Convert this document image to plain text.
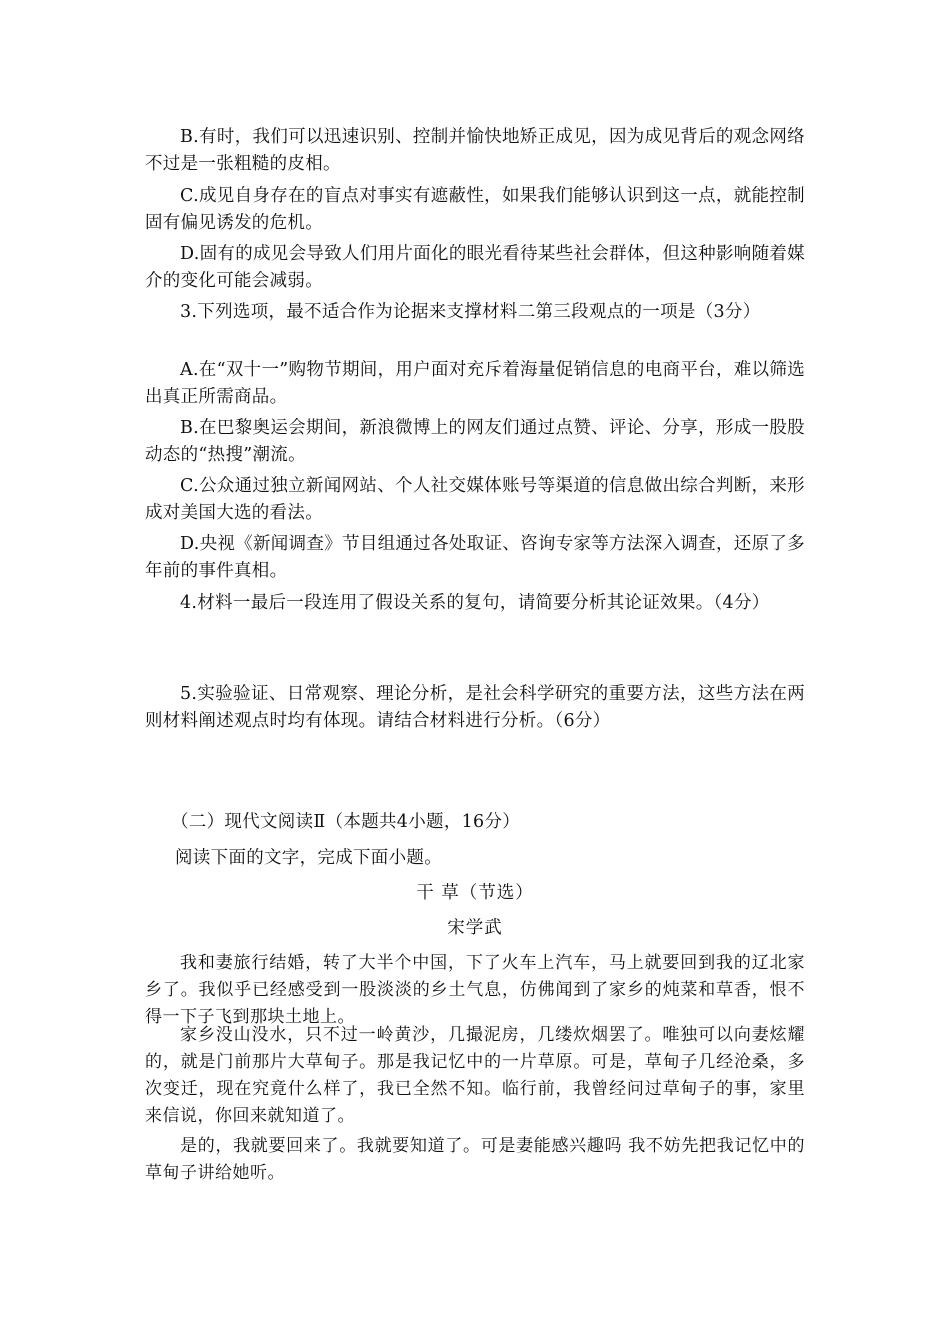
B.有时，我们可以迅速识别、控制并愉快地矫正成见，因为成见背后的观念网络不过是一张粗糙的皮相。

C.成见自身存在的盲点对事实有遮蔽性，如果我们能够认识到这一点，就能控制固有偏见诱发的危机。

D.固有的成见会导致人们用片面化的眼光看待某些社会群体，但这种影响随着媒介的变化可能会减弱。

3.下列选项，最不适合作为论据来支撑材料二第三段观点的一项是（3分）

A.在“双十一”购物节期间，用户面对充斥着海量促销信息的电商平台，难以筛选出真正所需商品。

B.在巴黎奥运会期间，新浪微博上的网友们通过点赞、评论、分享，形成一股股动态的“热搜”潮流。

C.公众通过独立新闻网站、个人社交媒体账号等渠道的信息做出综合判断，来形成对美国大选的看法。

D.央视《新闻调查》节目组通过各处取证、咨询专家等方法深入调查，还原了多年前的事件真相。

4.材料一最后一段连用了假设关系的复句，请简要分析其论证效果。（4分）

5.实验验证、日常观察、理论分析，是社会科学研究的重要方法，这些方法在两则材料阐述观点时均有体现。请结合材料进行分析。（6分）

（二）现代文阅读Ⅱ（本题共4小题，16分）

阅读下面的文字，完成下面小题。

干 草（节选）

宋学武

我和妻旅行结婚，转了大半个中国，下了火车上汽车，马上就要回到我的辽北家乡了。我似乎已经感受到一股淡淡的乡土气息，仿佛闻到了家乡的炖菜和草香，恨不得一下子飞到那块土地上。

家乡没山没水，只不过一岭黄沙，几撮泥房，几缕炊烟罢了。唯独可以向妻炫耀的，就是门前那片大草甸子。那是我记忆中的一片草原。可是，草甸子几经沧桑，多次变迁，现在究竟什么样了，我已全然不知。临行前，我曾经问过草甸子的事，家里来信说，你回来就知道了。

是的，我就要回来了。我就要知道了。可是妻能感兴趣吗 我不妨先把我记忆中的草甸子讲给她听。
